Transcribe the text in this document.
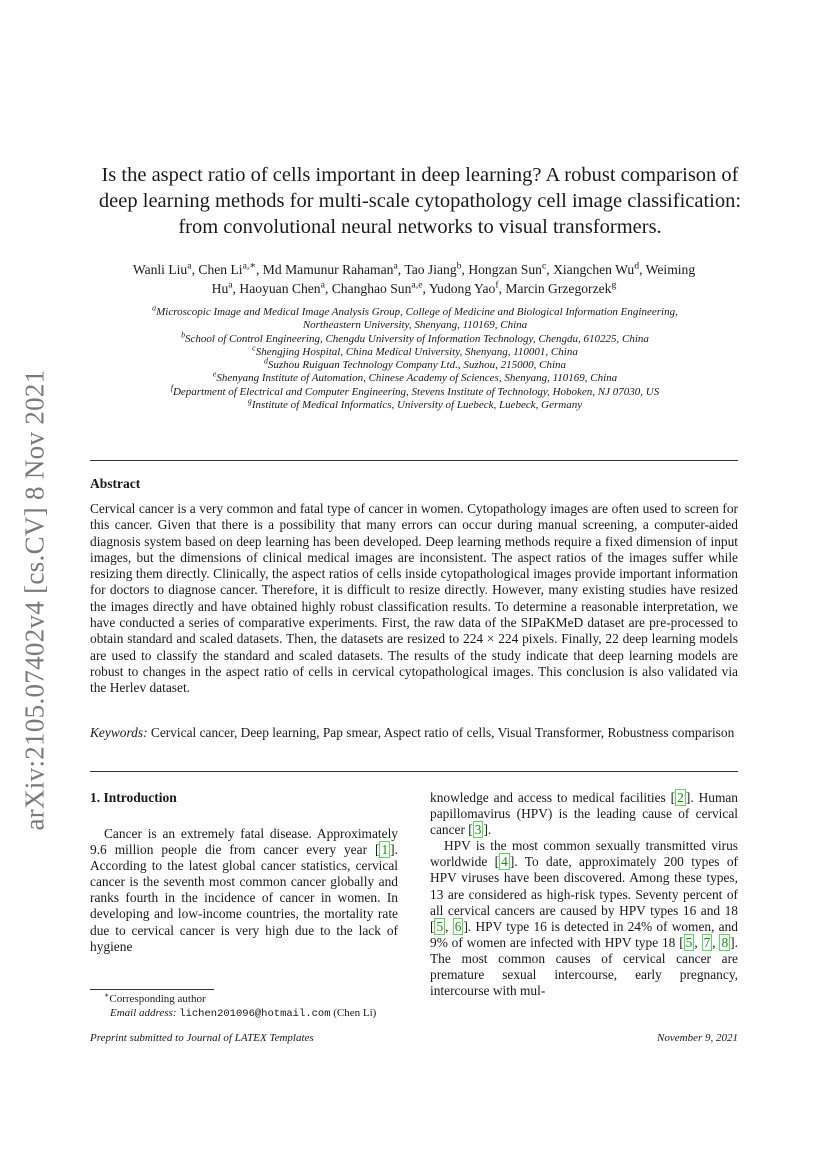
arXiv:2105.07402v4 [cs.CV] 8 Nov 2021
Is the aspect ratio of cells important in deep learning? A robust comparison of deep learning methods for multi-scale cytopathology cell image classification: from convolutional neural networks to visual transformers.
Wanli Liu$^a$, Chen $Li^{a,∗}$, Md Mamunur Rahaman$^a$, Tao Jiang$^b$, Hongzan Sun$^c$, Xiangchen Wu$^d$, Weiming
Hu$^a$, Haoyuan Chen$^a$, Changhao Sun$^{a,e}$, Yudong Yao$^f$, Marcin Grzegorzek$^g$
$^a$Microscopic Image and Medical Image Analysis Group, College of Medicine and Biological Information Engineering,
Northeastern University, Shenyang, 110169, China
$^b$School of Control Engineering, Chengdu University of Information Technology, Chengdu, 610225, China
$^c$Shengjing Hospital, China Medical University, Shenyang, 110001, China
$^d$Suzhou Ruiguan Technology Company Ltd., Suzhou, 215000, China
$^e$Shenyang Institute of Automation, Chinese Academy of Sciences, Shenyang, 110169, China
$^f$Department of Electrical and Computer Engineering, Stevens Institute of Technology, Hoboken, NJ 07030, US
$^g$Institute of Medical Informatics, University of Luebeck, Luebeck, Germany
Abstract
Cervical cancer is a very common and fatal type of cancer in women. Cytopathology images are often used to screen for this cancer. Given that there is a possibility that many errors can occur during manual screening, a computer-aided diagnosis system based on deep learning has been developed. Deep learning methods require a fixed dimension of input images, but the dimensions of clinical medical images are inconsistent. The aspect ratios of the images suffer while resizing them directly. Clinically, the aspect ratios of cells inside cytopathological images provide important information for doctors to diagnose cancer. Therefore, it is difficult to resize directly. However, many existing studies have resized the images directly and have obtained highly robust classification results. To determine a reasonable interpretation, we have conducted a series of comparative experiments. First, the raw data of the SIPaKMeD dataset are pre-processed to obtain standard and scaled datasets. Then, the datasets are resized to 224 × 224 pixels. Finally, 22 deep learning models are used to classify the standard and scaled datasets. The results of the study indicate that deep learning models are robust to changes in the aspect ratio of cells in cervical cytopathological images. This conclusion is also validated via the Herlev dataset.
Keywords: Cervical cancer, Deep learning, Pap smear, Aspect ratio of cells, Visual Transformer, Robustness comparison
1. Introduction
Cancer is an extremely fatal disease. Approximately 9.6 million people die from cancer every year [ 1 ]. According to the latest global cancer statistics, cervical cancer is the seventh most common cancer globally and ranks fourth in the incidence of cancer in women. In developing and low-income countries, the mortality rate due to cervical cancer is very high due to the lack of hygiene

knowledge and access to medical facilities [ 2 ]. Human papillomavirus (HPV) is the leading cause of cervical cancer [ 3 ].

HPV is the most common sexually transmitted virus worldwide [ 4 ]. To date, approximately 200 types of HPV viruses have been discovered. Among these types, 13 are considered as high-risk types. Seventy percent of all cervical cancers are caused by HPV types 16 and 18 [ 5 , 6 ]. HPV type 16 is detected in 24% of women, and 9% of women are infected with HPV type 18 [ 5 , 7 , 8 ]. The most common causes of cervical cancer are premature sexual intercourse, early pregnancy, intercourse with mul-

∗Corresponding author
Email address: lichen201096@hotmail.com (Chen Li)
Preprint submitted to Journal of LATEX Templates	November 9, 2021
